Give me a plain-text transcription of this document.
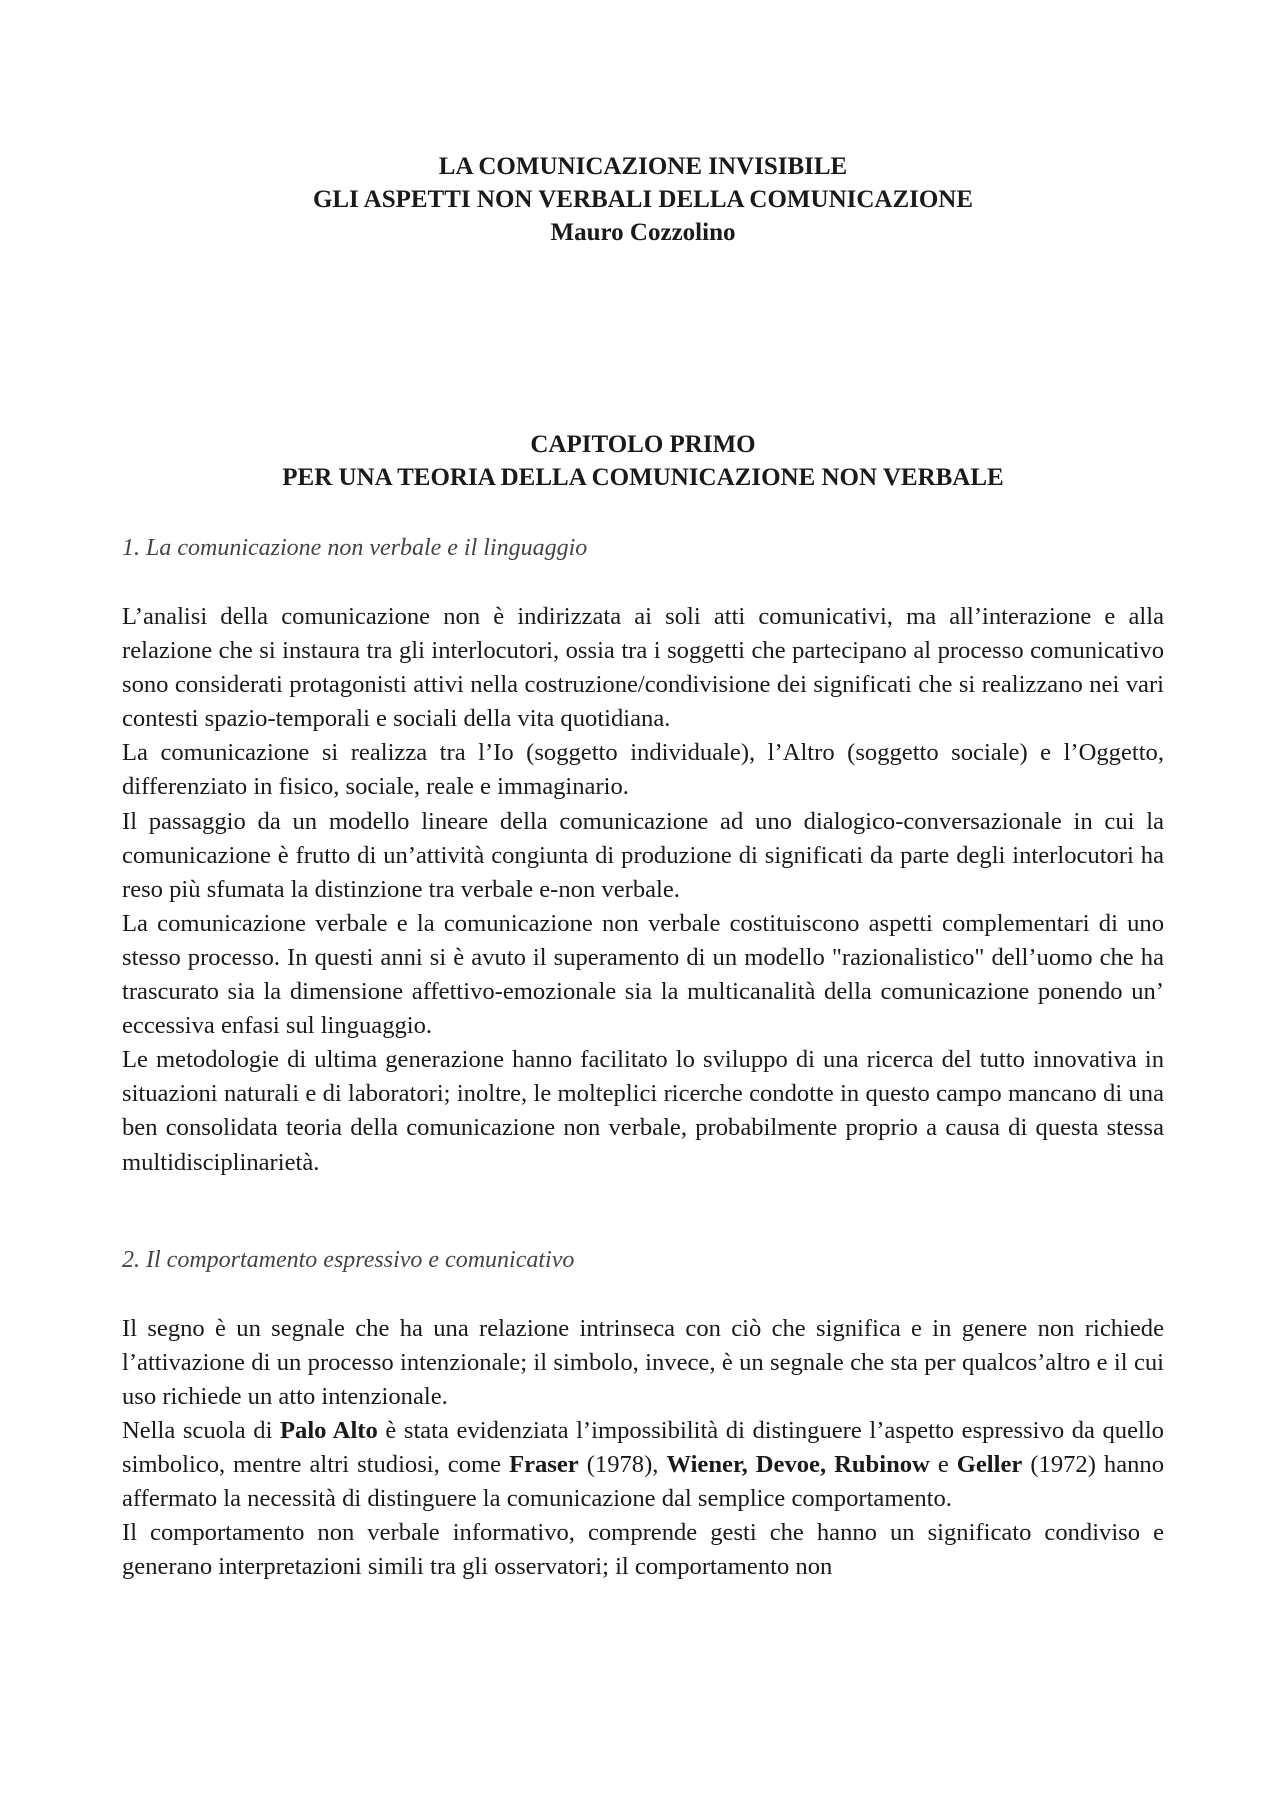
LA COMUNICAZIONE INVISIBILE
GLI ASPETTI NON VERBALI DELLA COMUNICAZIONE
Mauro Cozzolino
CAPITOLO PRIMO
PER UNA TEORIA DELLA COMUNICAZIONE NON VERBALE
1. La comunicazione non verbale e il linguaggio
L’analisi della comunicazione non è indirizzata ai soli atti comunicativi, ma all’interazione e alla relazione che si instaura tra gli interlocutori, ossia tra i soggetti che partecipano al processo comunicativo sono considerati protagonisti attivi nella costruzione/condivisione dei significati che si realizzano nei vari contesti spazio-temporali e sociali della vita quotidiana.
La comunicazione si realizza tra l’Io (soggetto individuale), l’Altro (soggetto sociale) e l’Oggetto, differenziato in fisico, sociale, reale e immaginario.
Il passaggio da un modello lineare della comunicazione ad uno dialogico-conversazionale in cui la comunicazione è frutto di un’attività congiunta di produzione di significati da parte degli interlocutori ha reso più sfumata la distinzione tra verbale e-non verbale.
La comunicazione verbale e la comunicazione non verbale costituiscono aspetti complementari di uno stesso processo. In questi anni si è avuto il superamento di un modello "razionalistico" dell’uomo che ha trascurato sia la dimensione affettivo-emozionale sia la multicanalità della comunicazione ponendo un’ eccessiva enfasi sul linguaggio.
Le metodologie di ultima generazione hanno facilitato lo sviluppo di una ricerca del tutto innovativa in situazioni naturali e di laboratori; inoltre, le molteplici ricerche condotte in questo campo mancano di una ben consolidata teoria della comunicazione non verbale, probabilmente proprio a causa di questa stessa multidisciplinarietà.
2. Il comportamento espressivo e comunicativo
Il segno è un segnale che ha una relazione intrinseca con ciò che significa e in genere non richiede l’attivazione di un processo intenzionale; il simbolo, invece, è un segnale che sta per qualcos’altro e il cui uso richiede un atto intenzionale.
Nella scuola di Palo Alto è stata evidenziata l’impossibilità di distinguere l’aspetto espressivo da quello simbolico, mentre altri studiosi, come Fraser (1978), Wiener, Devoe, Rubinow e Geller (1972) hanno affermato la necessità di distinguere la comunicazione dal semplice comportamento.
Il comportamento non verbale informativo, comprende gesti che hanno un significato condiviso e generano interpretazioni simili tra gli osservatori; il comportamento non
